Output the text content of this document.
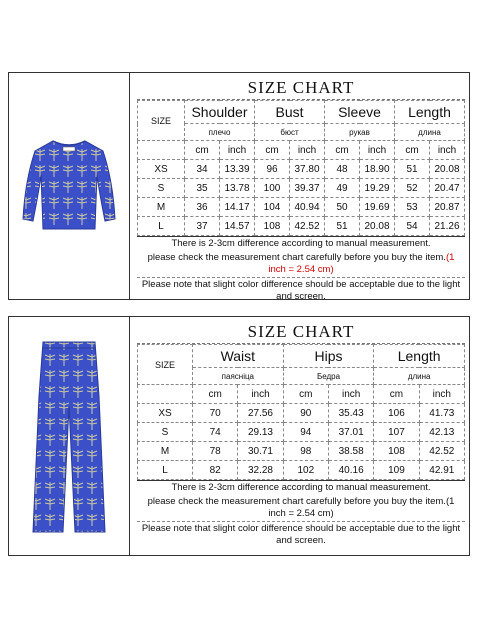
SIZE CHART
SIZE	Shoulder		Bust		Sleeve		Length	
	плечо		бюст		рукав		длина	
	cm	inch	cm	inch	cm	inch	cm	inch
XS	34	13.39	96	37.80	48	18.90	51	20.08
S	35	13.78	100	39.37	49	19.29	52	20.47
M	36	14.17	104	40.94	50	19.69	53	20.87
L	37	14.57	108	42.52	51	20.08	54	21.26
There is 2-3cm difference according to manual measurement.
please check the measurement chart carefully before you buy the item.(1 inch = 2.54 cm)
Please note that slight color difference should be acceptable due to the light and screen.
SIZE CHART
SIZE	Waist		Hips		Length	
	паясніца		Бедра		длина	
	cm	inch	cm	inch	cm	inch
XS	70	27.56	90	35.43	106	41.73
S	74	29.13	94	37.01	107	42.13
M	78	30.71	98	38.58	108	42.52
L	82	32.28	102	40.16	109	42.91
There is 2-3cm difference according to manual measurement.
please check the measurement chart carefully before you buy the item.(1 inch = 2.54 cm)
Please note that slight color difference should be acceptable due to the light and screen.
